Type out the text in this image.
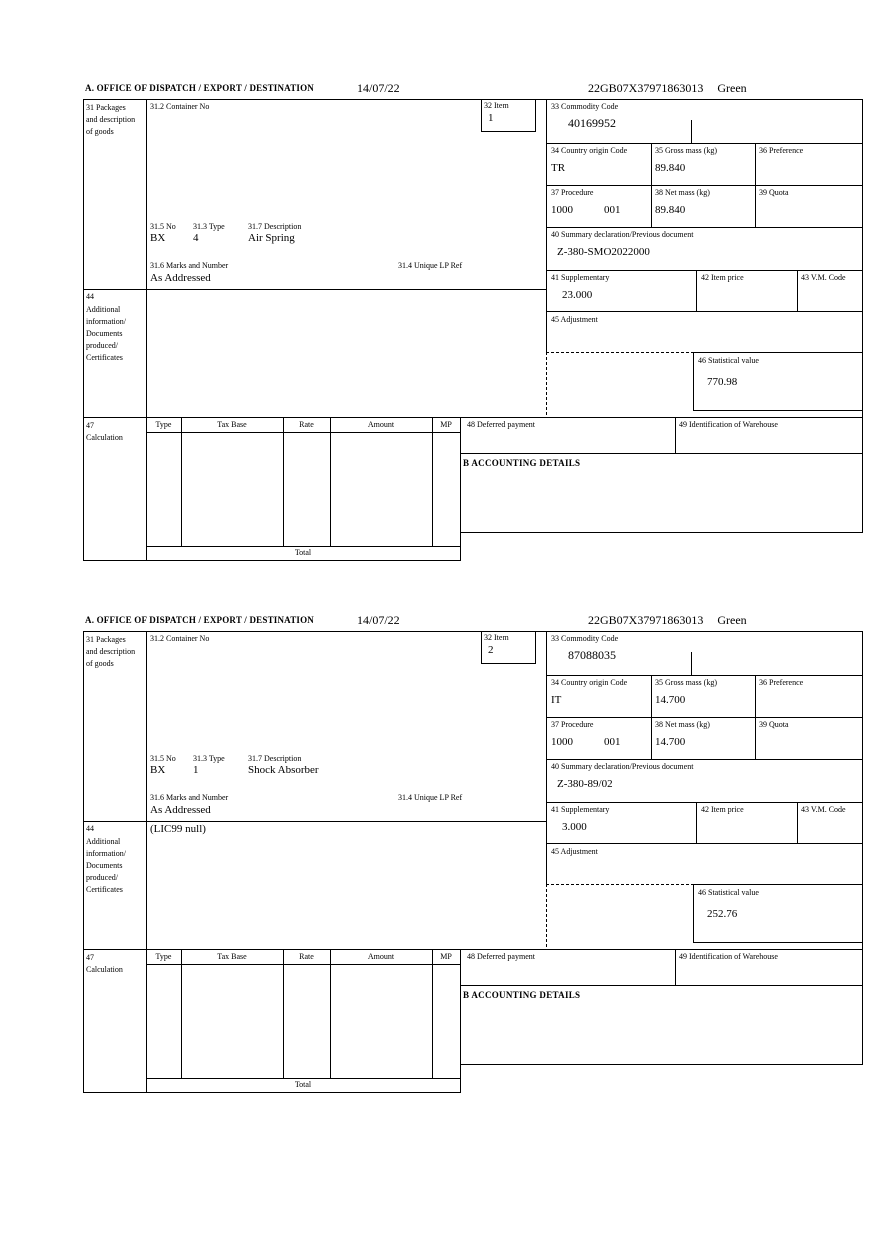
A. OFFICE OF DISPATCH / EXPORT / DESTINATION	14/07/22	22GB07X37971863013 Green
31 Packages and description of goods
31.2 Container No	32 Item
1
33 Commodity Code
40169952
34 Country origin Code
TR
35 Gross mass (kg)
89.840
36 Preference
37 Procedure
1000	001
38 Net mass (kg)
89.840
39 Quota
40 Summary declaration/Previous document
Z-380-SMO2022000
31.5 No 31.3 Type	31.7 Description
BX	4	Air Spring
31.6 Marks and Number	31.4 Unique LP Ref
As Addressed
44
Additional information/ Documents produced/ Certificates
41 Supplementary
23.000
42 Item price	43 V.M. Code
45 Adjustment
46 Statistical value
770.98
47 Calculation
Type	Tax Base	Rate	Amount	MP
Total
48 Deferred payment	49 Identification of Warehouse
B ACCOUNTING DETAILS
A. OFFICE OF DISPATCH / EXPORT / DESTINATION	14/07/22	22GB07X37971863013 Green
31 Packages and description of goods
31.2 Container No	32 Item
2
33 Commodity Code
87088035
34 Country origin Code
IT
35 Gross mass (kg)
14.700
36 Preference
37 Procedure
1000	001
38 Net mass (kg)
14.700
39 Quota
40 Summary declaration/Previous document
Z-380-89/02
31.5 No 31.3 Type	31.7 Description
BX	1	Shock Absorber
31.6 Marks and Number	31.4 Unique LP Ref
As Addressed
44
Additional information/ Documents produced/ Certificates
(LIC99 null)
41 Supplementary
3.000
42 Item price	43 V.M. Code
45 Adjustment
46 Statistical value
252.76
47 Calculation
Type	Tax Base	Rate	Amount	MP
Total
48 Deferred payment	49 Identification of Warehouse
B ACCOUNTING DETAILS
